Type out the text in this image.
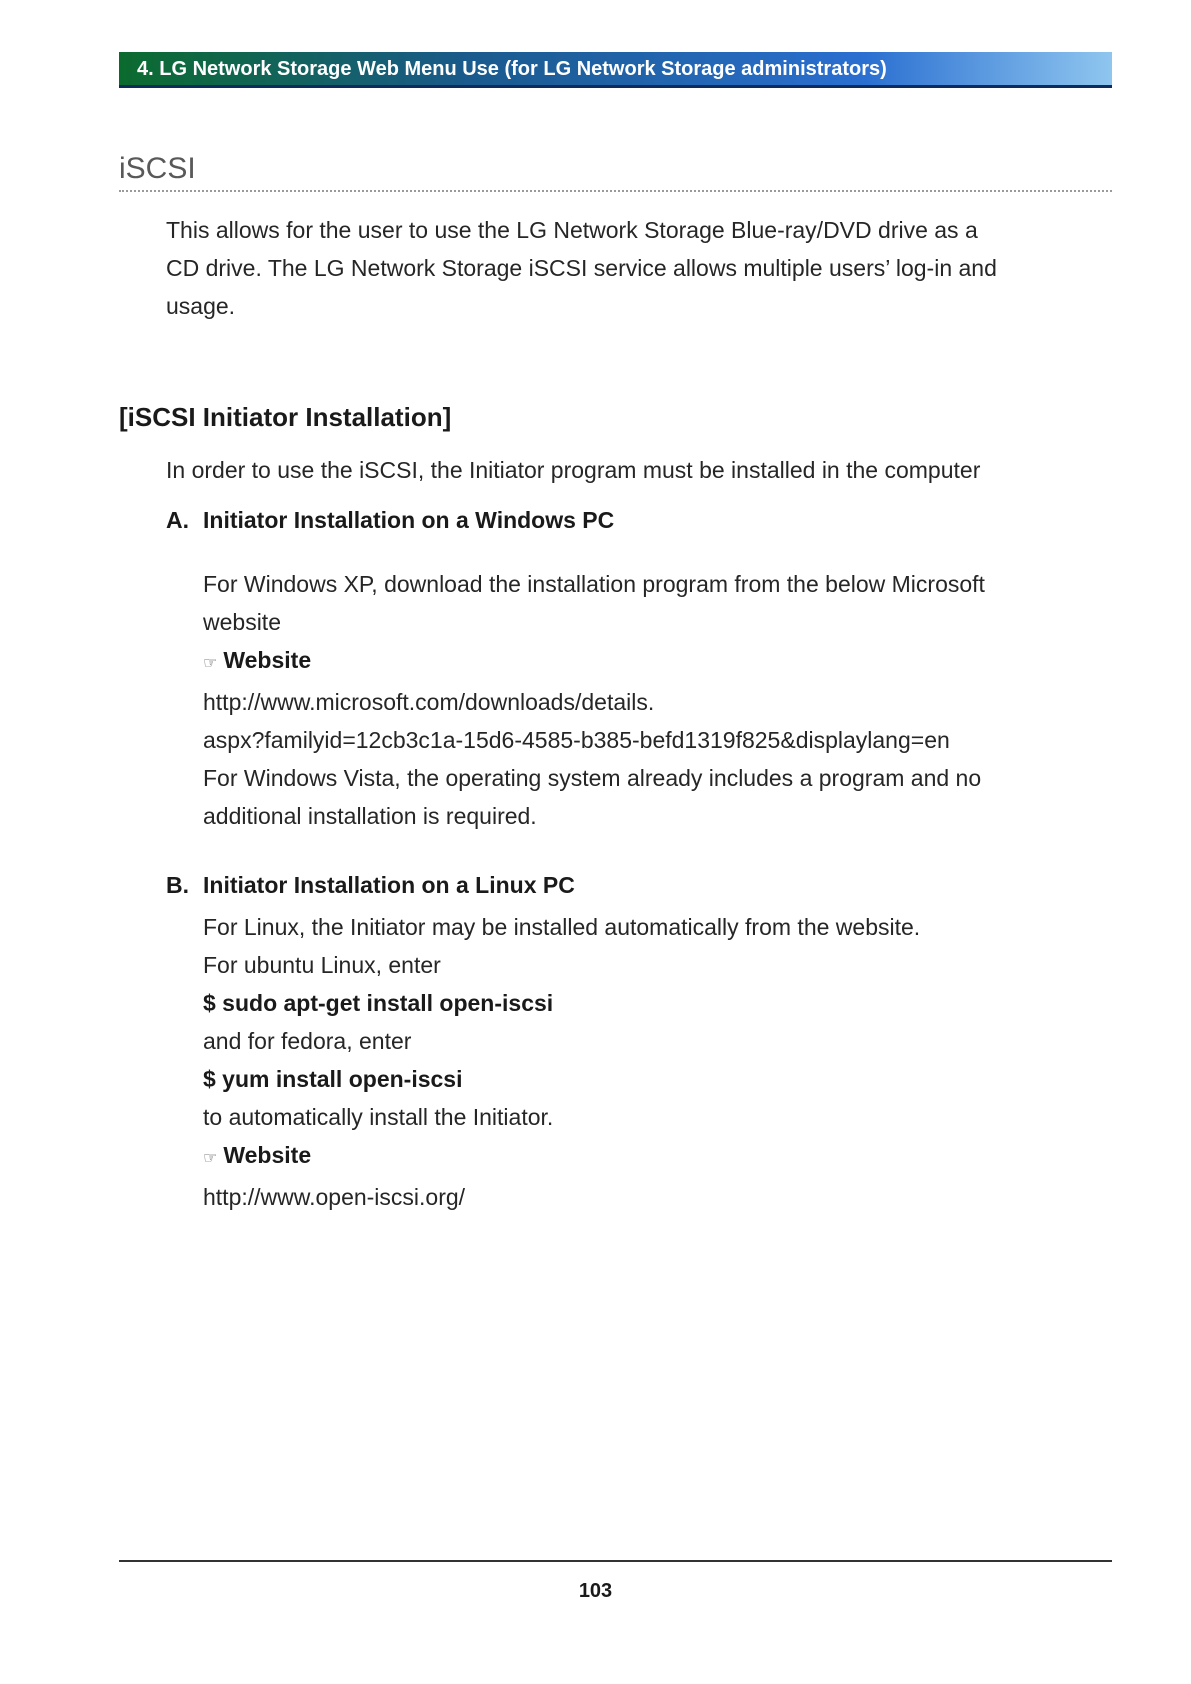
4. LG Network Storage Web Menu Use (for LG Network Storage administrators)
iSCSI
This allows for the user to use the LG Network Storage Blue-ray/DVD drive as a
CD drive. The LG Network Storage iSCSI service allows multiple users’ log-in and
usage.
[iSCSI Initiator Installation]
In order to use the iSCSI, the Initiator program must be installed in the computer
A. Initiator Installation on a Windows PC
For Windows XP, download the installation program from the below Microsoft
website
☞ Website
http://www.microsoft.com/downloads/details.
aspx?familyid=12cb3c1a-15d6-4585-b385-befd1319f825&displaylang=en
For Windows Vista, the operating system already includes a program and no
additional installation is required.
B. Initiator Installation on a Linux PC
For Linux, the Initiator may be installed automatically from the website.
For ubuntu Linux, enter
$ sudo apt-get install open-iscsi
and for fedora, enter
$ yum install open-iscsi
to automatically install the Initiator.
☞ Website
http://www.open-iscsi.org/
103
